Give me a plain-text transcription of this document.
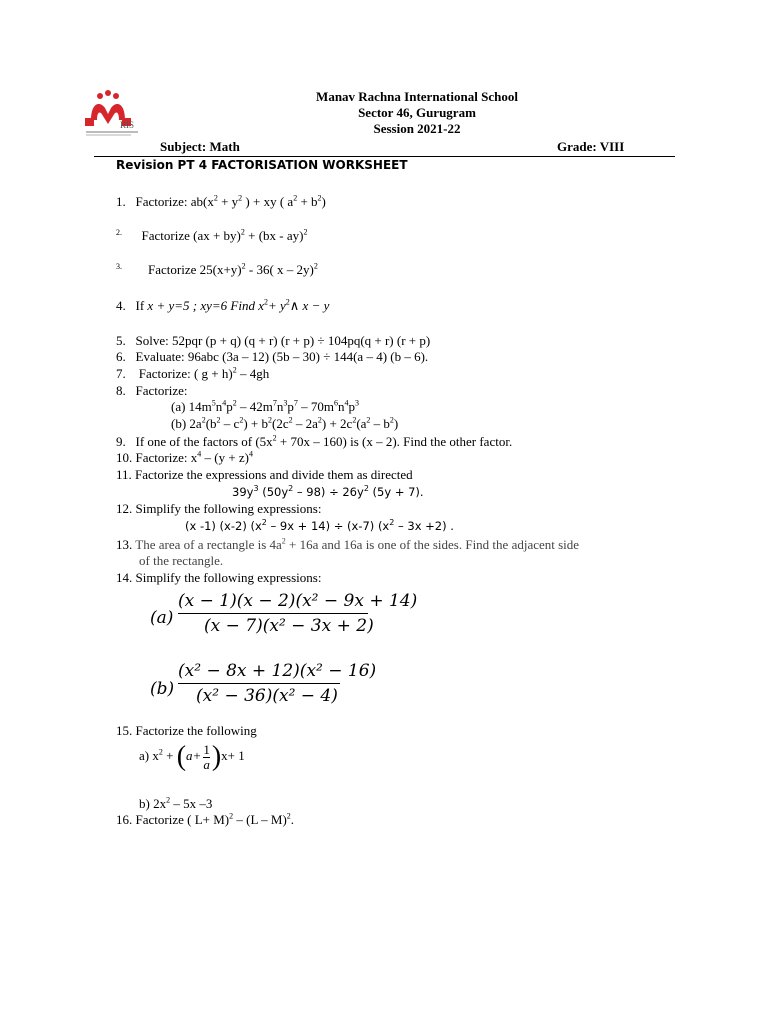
RIS
Manav Rachna International School
Sector 46, Gurugram
Session 2021-22
Subject: Math	Grade: VIII
Revision PT 4 FACTORISATION WORKSHEET
1. Factorize: $ab(x^2 + y^2$ ) + xy ( $a^2 + b^2$)
$^{2.}$ Factorize (ax + by)$^2$ + (bx - ay)$^2$
$^{3.}$ Factorize $25(x+y)^2 - 36$( x – 2y)$^2$
4. If x + y=5 ; xy=6 Find $x^2+$ $y^2\wedge$ x − y
5. Solve: 52pqr (p + q) (q + r) (r + p) ÷ 104pq(q + r) (r + p)
6. Evaluate: 96abc (3a – 12) (5b – 30) ÷ 144(a – 4) (b – 6).
7.    Factorize: ( g + h)$^2$ – 4gh
8. Factorize:
(a) $14m^5n^4p^2 - 42m^7n^3p^7 - 70m^6n^4p^3$
(b) $2a^2(b^2 - c^2) + b^2(2c^2 - 2a^2) + 2c^2(a^2 - b^2)$
9. If one of the factors of $(5x^2 + 70x - 160)$ is (x – 2). Find the other factor.
10. Factorize: $x^4 - (y + z)^4$
11. Factorize the expressions and divide them as directed
$39y^3$ $(50y^2 - 98) \div 26y^2$ (5y + 7).
12. Simplify the following expressions:
(x -1) (x-2) $(x^2 - 9x + 14) \div (x-7)$ $(x^2 - 3x +2)$ .
13. The area of a rectangle is $4a^2 + 16a$ and 16a is one of the sides. Find the adjacent side
of the rectangle.
14. Simplify the following expressions:
(a)
(x − 1)(x − 2)(x² − 9x + 14)
(x − 7)(x² − 3x + 2)
(b)
(x² − 8x + 12)(x² − 16)
(x² − 36)(x² − 4)
15. Factorize the following
a) $x^2 + (a+ \frac{1}{a} )x+ 1$
b) $2x^2 - 5x$ –3
16. Factorize ( L+ M)$^2$ – (L – M)$^2$.
